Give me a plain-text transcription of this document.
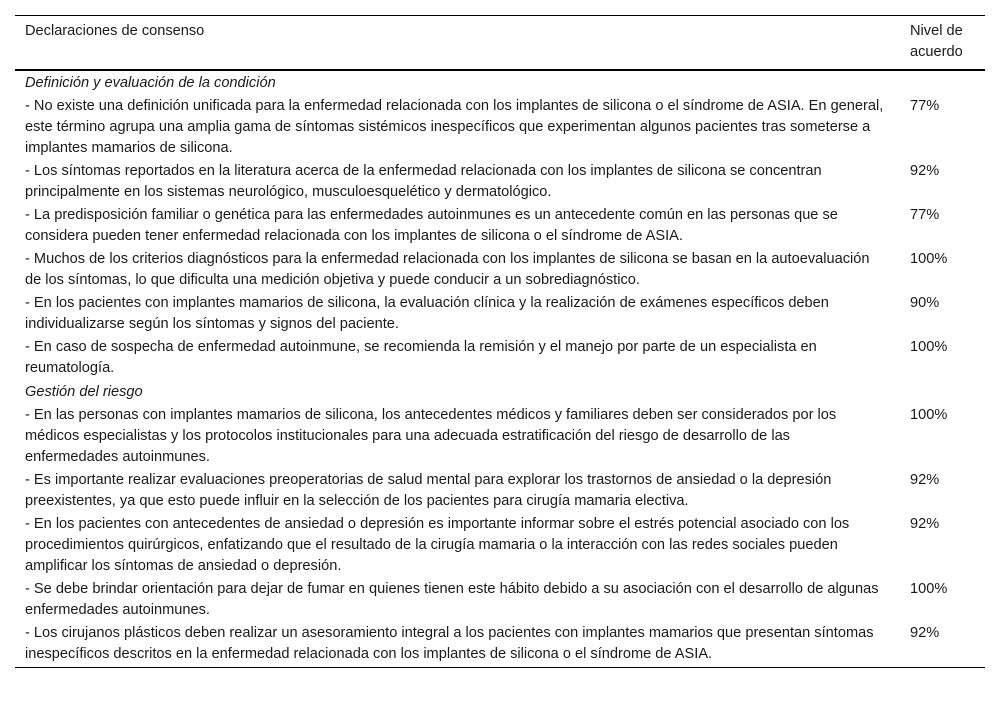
Declaraciones de consenso	Nivel de acuerdo
Definición y evaluación de la condición	
- No existe una definición unificada para la enfermedad relacionada con los implantes de silicona o el síndrome de ASIA. En general, este término agrupa una amplia gama de síntomas sistémicos inespecíficos que experimentan algunos pacientes tras someterse a implantes mamarios de silicona.	77%
- Los síntomas reportados en la literatura acerca de la enfermedad relacionada con los implantes de silicona se concentran principalmente en los sistemas neurológico, musculoesquelético y dermatológico.	92%
- La predisposición familiar o genética para las enfermedades autoinmunes es un antecedente común en las personas que se considera pueden tener enfermedad relacionada con los implantes de silicona o el síndrome de ASIA.	77%
- Muchos de los criterios diagnósticos para la enfermedad relacionada con los implantes de silicona se basan en la autoevaluación de los síntomas, lo que dificulta una medición objetiva y puede conducir a un sobrediagnóstico.	100%
- En los pacientes con implantes mamarios de silicona, la evaluación clínica y la realización de exámenes específicos deben individualizarse según los síntomas y signos del paciente.	90%
- En caso de sospecha de enfermedad autoinmune, se recomienda la remisión y el manejo por parte de un especialista en reumatología.	100%
Gestión del riesgo	
- En las personas con implantes mamarios de silicona, los antecedentes médicos y familiares deben ser considerados por los médicos especialistas y los protocolos institucionales para una adecuada estratificación del riesgo de desarrollo de las enfermedades autoinmunes.	100%
- Es importante realizar evaluaciones preoperatorias de salud mental para explorar los trastornos de ansiedad o la depresión preexistentes, ya que esto puede influir en la selección de los pacientes para cirugía mamaria electiva.	92%
- En los pacientes con antecedentes de ansiedad o depresión es importante informar sobre el estrés potencial asociado con los procedimientos quirúrgicos, enfatizando que el resultado de la cirugía mamaria o la interacción con las redes sociales pueden amplificar los síntomas de ansiedad o depresión.	92%
- Se debe brindar orientación para dejar de fumar en quienes tienen este hábito debido a su asociación con el desarrollo de algunas enfermedades autoinmunes.	100%
- Los cirujanos plásticos deben realizar un asesoramiento integral a los pacientes con implantes mamarios que presentan síntomas inespecíficos descritos en la enfermedad relacionada con los implantes de silicona o el síndrome de ASIA.	92%
